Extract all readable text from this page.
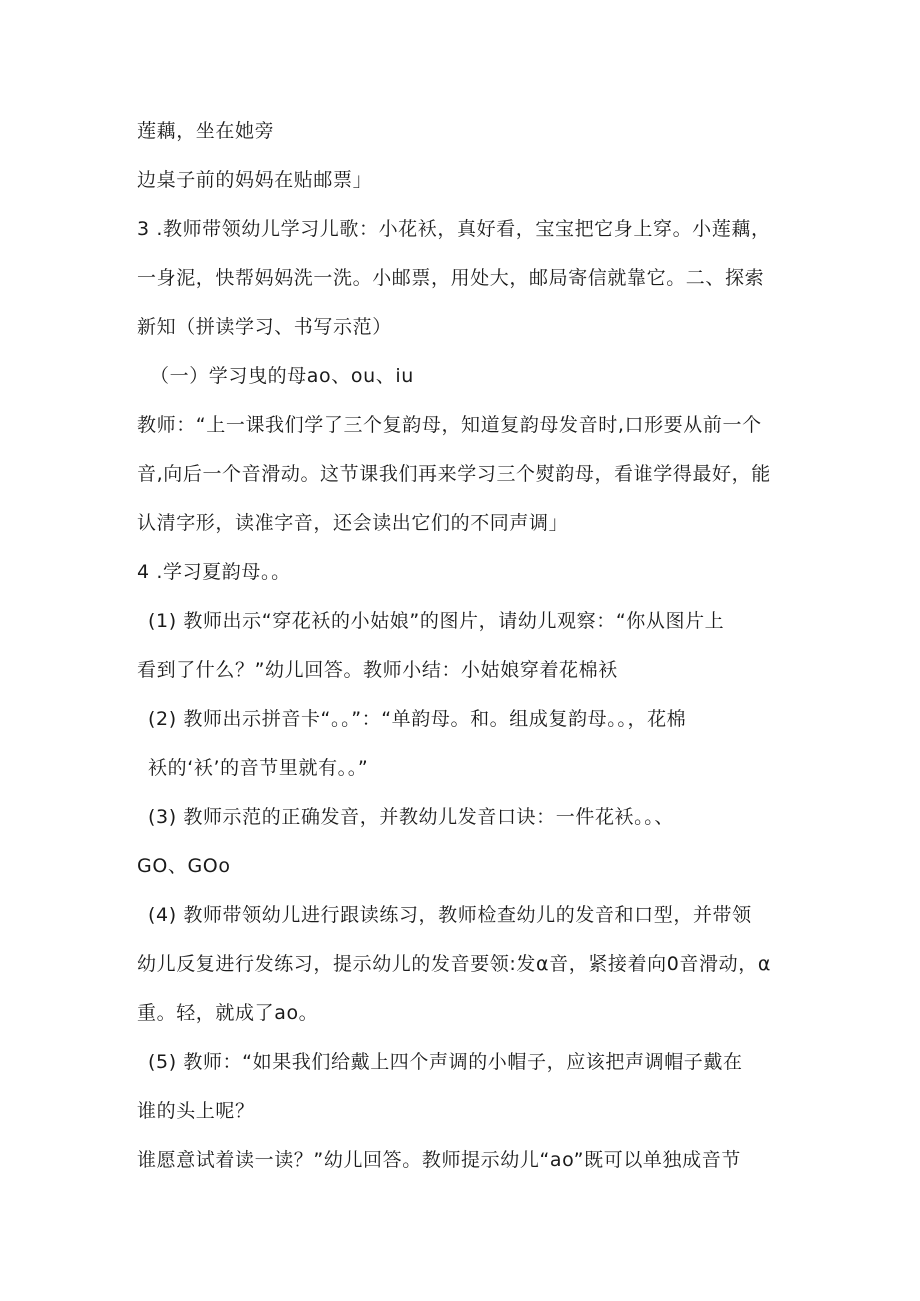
莲藕，坐在她旁
边桌子前的妈妈在贴邮票」
3 .教师带领幼儿学习儿歌：小花袄，真好看，宝宝把它身上穿。小莲藕，
一身泥，快帮妈妈洗一洗。小邮票，用处大，邮局寄信就靠它。二、探索
新知（拼读学习、书写示范）
（一）学习曳的母ao、ou、iu
教师：“上一课我们学了三个复韵母，知道复韵母发音时,口形要从前一个
音,向后一个音滑动。这节课我们再来学习三个熨韵母，看谁学得最好，能
认清字形，读准字音，还会读出它们的不同声调」
4 .学习夏韵母。。
(1) 教师出示“穿花袄的小姑娘”的图片，请幼儿观察：“你从图片上
看到了什么？”幼儿回答。教师小结：小姑娘穿着花棉袄
(2) 教师出示拼音卡“。。”：“单韵母。和。组成复韵母。。，花棉
袄的‘袄’的音节里就有。。”
(3) 教师示范的正确发音，并教幼儿发音口诀：一件花袄。。、
GO、GOo
(4) 教师带领幼儿进行跟读练习，教师检查幼儿的发音和口型，并带领
幼儿反复进行发练习，提示幼儿的发音要领:发α音，紧接着向0音滑动，α
重。轻，就成了ao。
(5) 教师：“如果我们给戴上四个声调的小帽子，应该把声调帽子戴在
谁的头上呢？
谁愿意试着读一读？”幼儿回答。教师提示幼儿“ao”既可以单独成音节
